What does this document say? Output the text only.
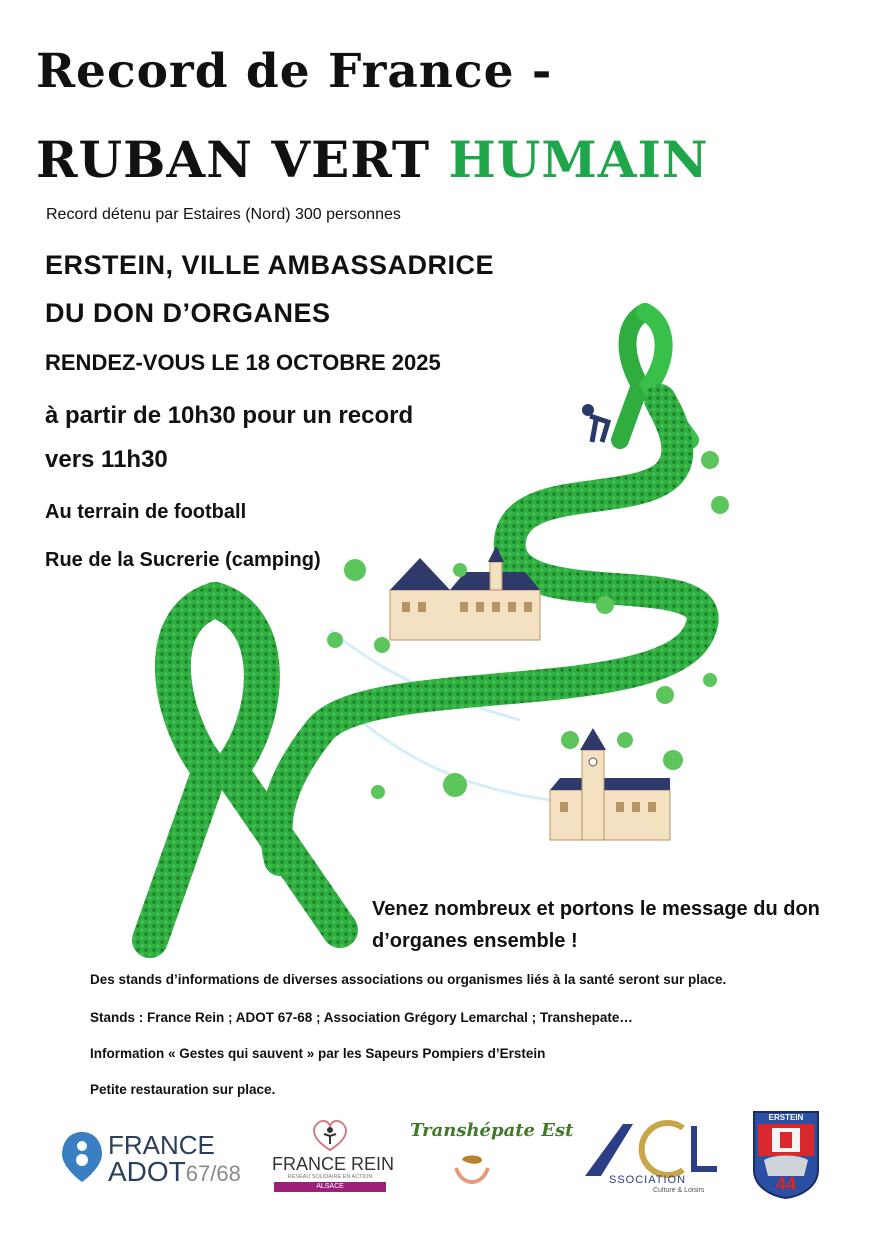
Record de France -
RUBAN VERT HUMAIN
Record détenu par Estaires (Nord) 300 personnes
ERSTEIN, VILLE AMBASSADRICE
DU DON D’ORGANES
RENDEZ-VOUS LE 18 OCTOBRE 2025
à partir de 10h30 pour un record
vers 11h30
Au terrain de football
Rue de la Sucrerie (camping)
Venez nombreux et portons le message du don d’organes ensemble !
Des stands d’informations de diverses associations ou organismes liés à la santé seront sur place.
Stands : France Rein ; ADOT 67-68 ; Association Grégory Lemarchal ; Transhepate…
Information « Gestes qui sauvent » par les Sapeurs Pompiers d’Erstein
Petite restauration sur place.
FRANCE
ADOT67/68 FRANCE REIN
RÉSEAU SOLIDAIRE EN ACTION
ALSACE
Transhépate Est
SSOCIATION
Culture & Loisirs
ERSTEIN
44
